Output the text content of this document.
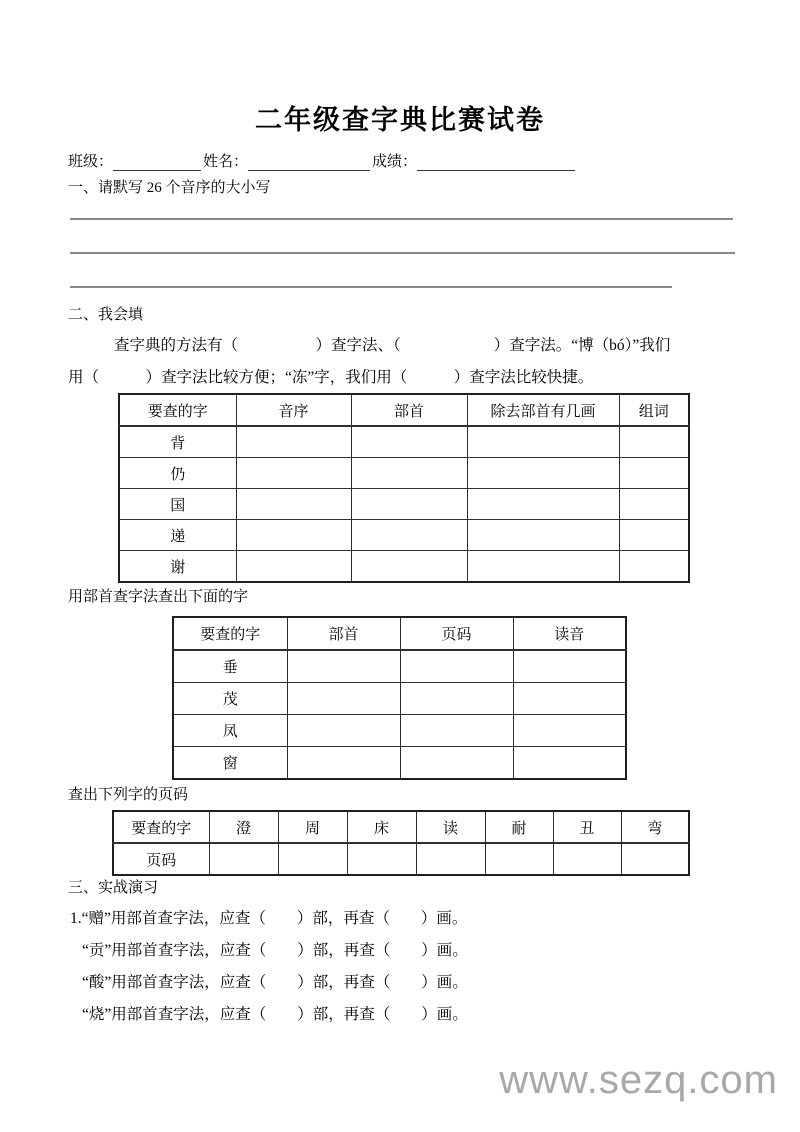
二年级查字典比赛试卷
班级：	姓名：	成绩：
一、请默写 26 个音序的大小写
二、我会填
查字典的方法有（　　　　　）查字法、（　　　　　　）查字法。“博（bó）”我们
用（　　　）查字法比较方便；“冻”字，我们用（　　　）查字法比较快捷。
要查的字	音序	部首	除去部首有几画	组词
背				
仍				
国				
递				
谢				
用部首查字法查出下面的字
要查的字	部首	页码	读音
垂			
茂			
凤			
窗			
查出下列字的页码
要查的字	澄	周	床	读	耐	丑	弯
页码							
三、实战演习
1.“赠”用部首查字法，应查（　　）部，再查（　　）画。
“贡”用部首查字法，应查（　　）部，再查（　　）画。
“酸”用部首查字法，应查（　　）部，再查（　　）画。
“烧”用部首查字法，应查（　　）部，再查（　　）画。
www.sezq.com
